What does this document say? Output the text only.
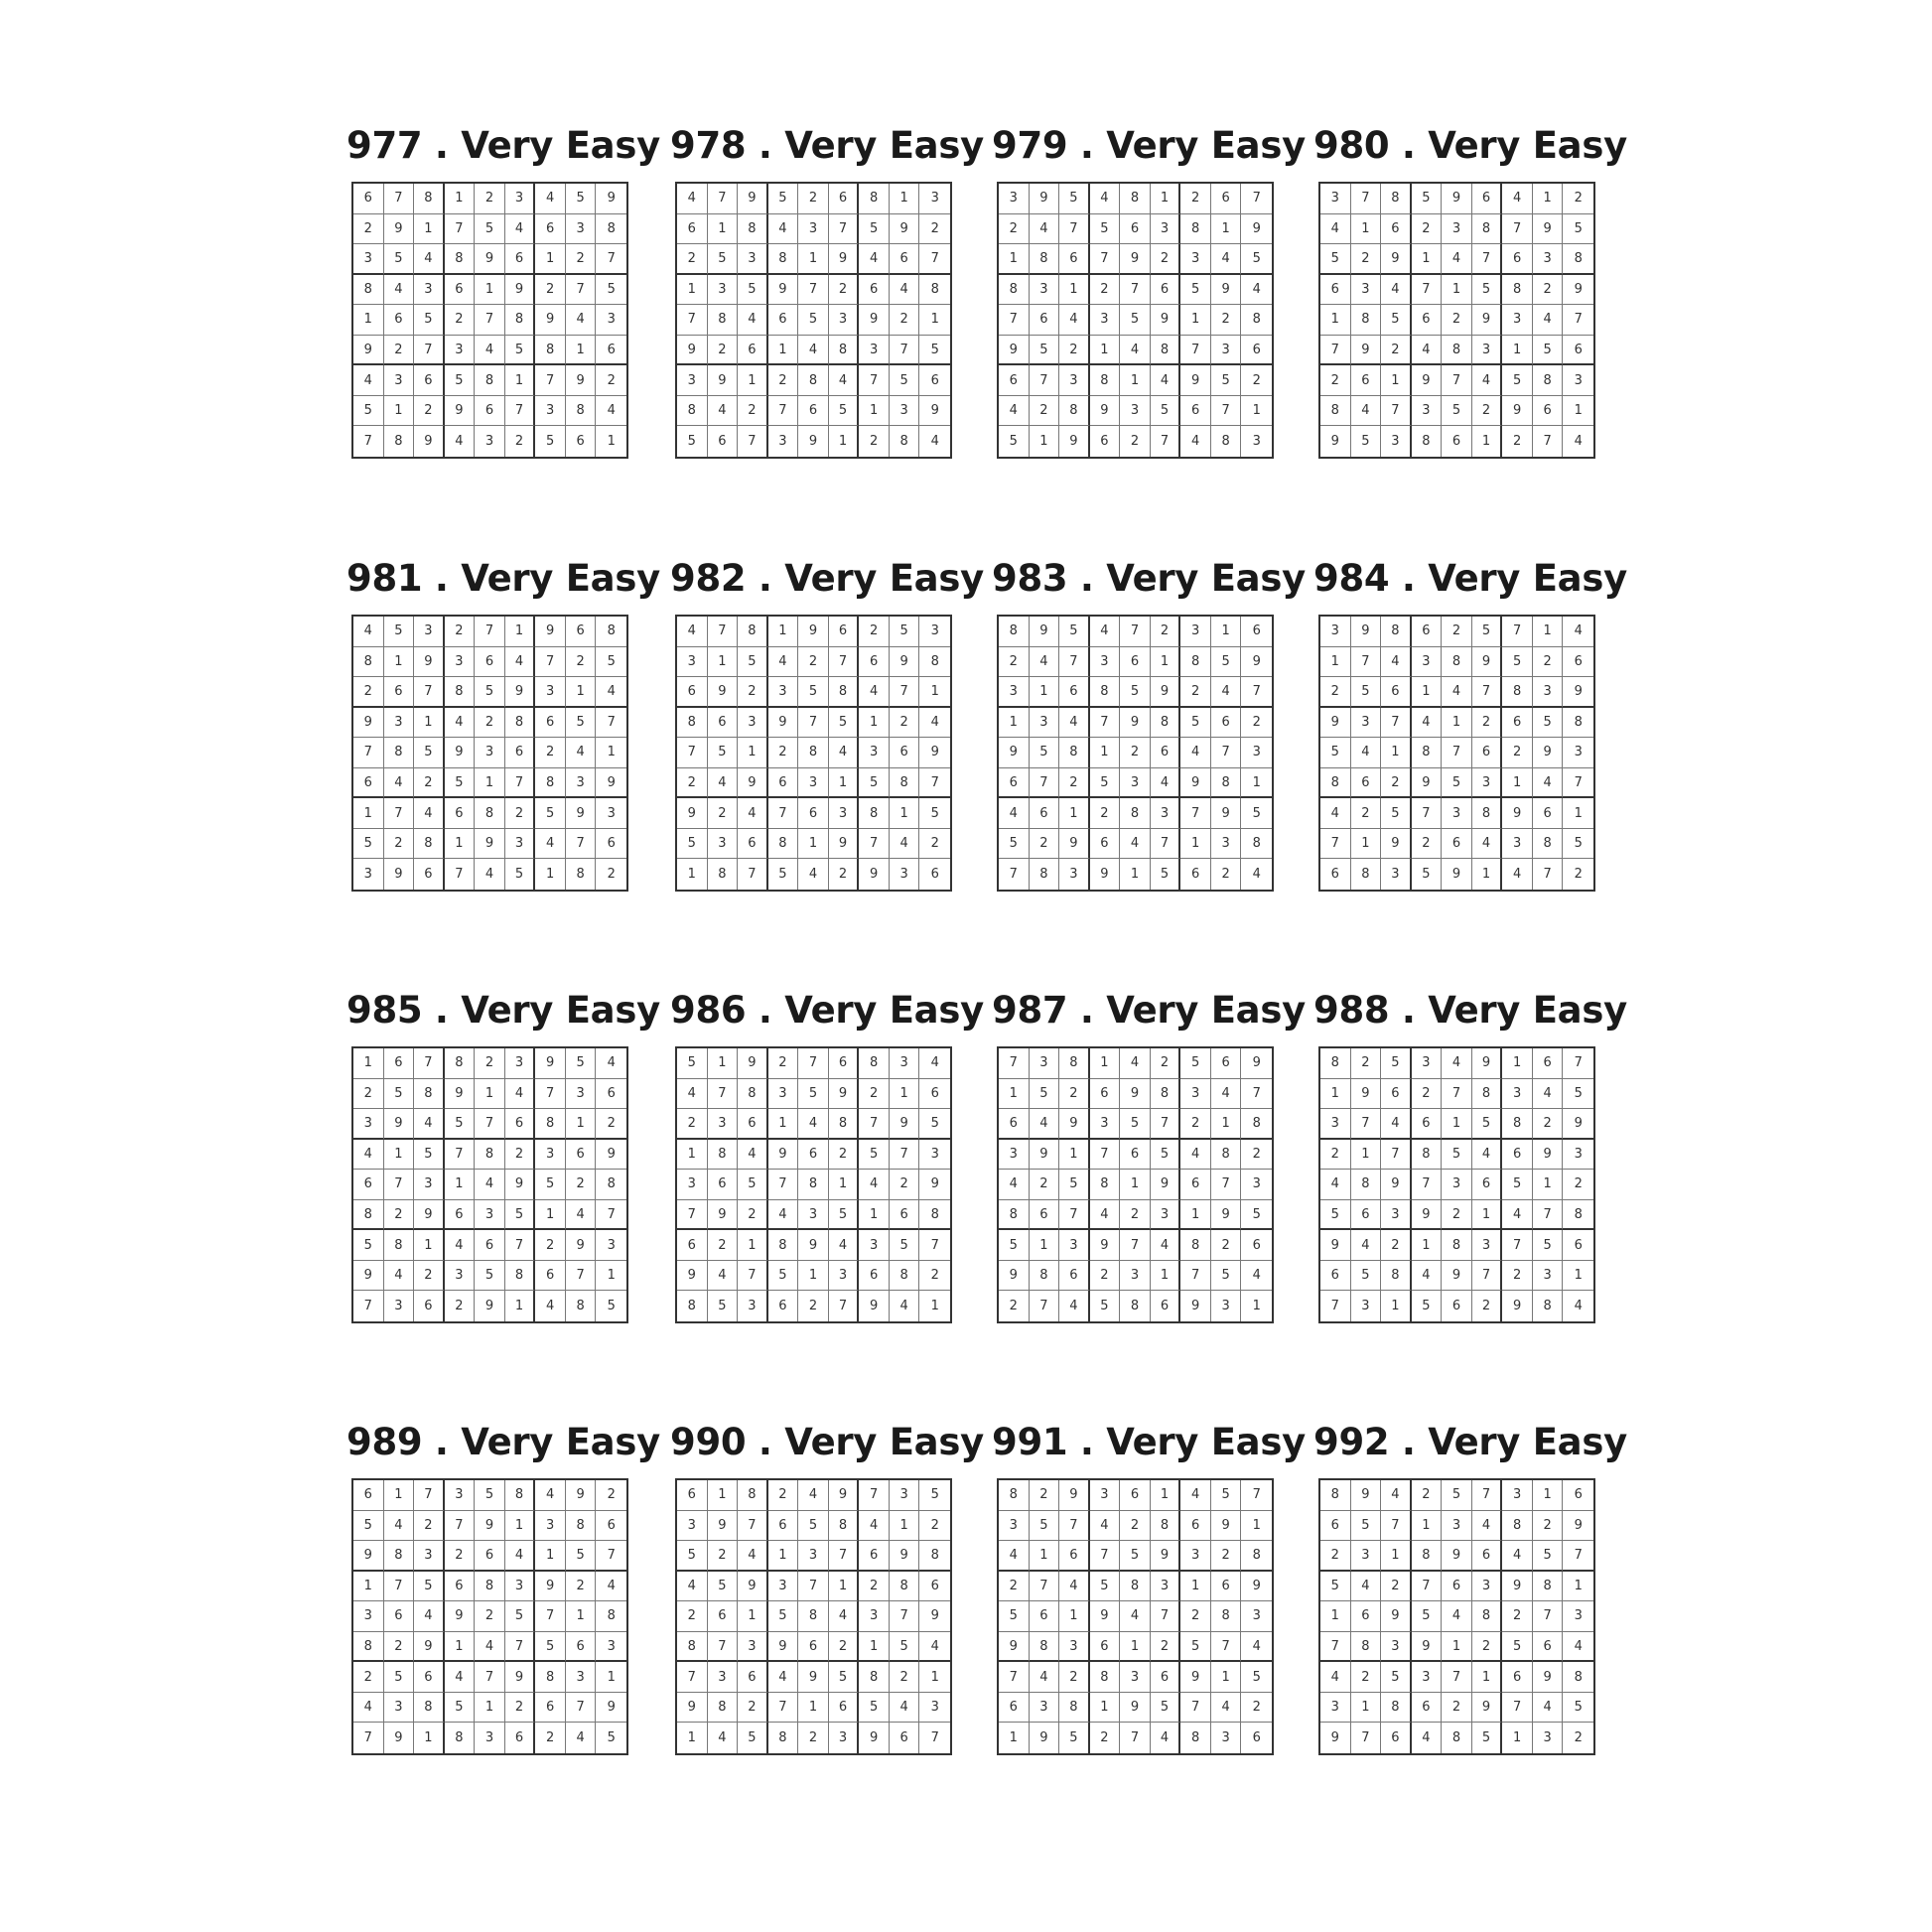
977 . Very Easy
6	7	8	1	2	3	4	5	9
2	9	1	7	5	4	6	3	8
3	5	4	8	9	6	1	2	7
8	4	3	6	1	9	2	7	5
1	6	5	2	7	8	9	4	3
9	2	7	3	4	5	8	1	6
4	3	6	5	8	1	7	9	2
5	1	2	9	6	7	3	8	4
7	8	9	4	3	2	5	6	1
978 . Very Easy
4	7	9	5	2	6	8	1	3
6	1	8	4	3	7	5	9	2
2	5	3	8	1	9	4	6	7
1	3	5	9	7	2	6	4	8
7	8	4	6	5	3	9	2	1
9	2	6	1	4	8	3	7	5
3	9	1	2	8	4	7	5	6
8	4	2	7	6	5	1	3	9
5	6	7	3	9	1	2	8	4
979 . Very Easy
3	9	5	4	8	1	2	6	7
2	4	7	5	6	3	8	1	9
1	8	6	7	9	2	3	4	5
8	3	1	2	7	6	5	9	4
7	6	4	3	5	9	1	2	8
9	5	2	1	4	8	7	3	6
6	7	3	8	1	4	9	5	2
4	2	8	9	3	5	6	7	1
5	1	9	6	2	7	4	8	3
980 . Very Easy
3	7	8	5	9	6	4	1	2
4	1	6	2	3	8	7	9	5
5	2	9	1	4	7	6	3	8
6	3	4	7	1	5	8	2	9
1	8	5	6	2	9	3	4	7
7	9	2	4	8	3	1	5	6
2	6	1	9	7	4	5	8	3
8	4	7	3	5	2	9	6	1
9	5	3	8	6	1	2	7	4
981 . Very Easy
4	5	3	2	7	1	9	6	8
8	1	9	3	6	4	7	2	5
2	6	7	8	5	9	3	1	4
9	3	1	4	2	8	6	5	7
7	8	5	9	3	6	2	4	1
6	4	2	5	1	7	8	3	9
1	7	4	6	8	2	5	9	3
5	2	8	1	9	3	4	7	6
3	9	6	7	4	5	1	8	2
982 . Very Easy
4	7	8	1	9	6	2	5	3
3	1	5	4	2	7	6	9	8
6	9	2	3	5	8	4	7	1
8	6	3	9	7	5	1	2	4
7	5	1	2	8	4	3	6	9
2	4	9	6	3	1	5	8	7
9	2	4	7	6	3	8	1	5
5	3	6	8	1	9	7	4	2
1	8	7	5	4	2	9	3	6
983 . Very Easy
8	9	5	4	7	2	3	1	6
2	4	7	3	6	1	8	5	9
3	1	6	8	5	9	2	4	7
1	3	4	7	9	8	5	6	2
9	5	8	1	2	6	4	7	3
6	7	2	5	3	4	9	8	1
4	6	1	2	8	3	7	9	5
5	2	9	6	4	7	1	3	8
7	8	3	9	1	5	6	2	4
984 . Very Easy
3	9	8	6	2	5	7	1	4
1	7	4	3	8	9	5	2	6
2	5	6	1	4	7	8	3	9
9	3	7	4	1	2	6	5	8
5	4	1	8	7	6	2	9	3
8	6	2	9	5	3	1	4	7
4	2	5	7	3	8	9	6	1
7	1	9	2	6	4	3	8	5
6	8	3	5	9	1	4	7	2
985 . Very Easy
1	6	7	8	2	3	9	5	4
2	5	8	9	1	4	7	3	6
3	9	4	5	7	6	8	1	2
4	1	5	7	8	2	3	6	9
6	7	3	1	4	9	5	2	8
8	2	9	6	3	5	1	4	7
5	8	1	4	6	7	2	9	3
9	4	2	3	5	8	6	7	1
7	3	6	2	9	1	4	8	5
986 . Very Easy
5	1	9	2	7	6	8	3	4
4	7	8	3	5	9	2	1	6
2	3	6	1	4	8	7	9	5
1	8	4	9	6	2	5	7	3
3	6	5	7	8	1	4	2	9
7	9	2	4	3	5	1	6	8
6	2	1	8	9	4	3	5	7
9	4	7	5	1	3	6	8	2
8	5	3	6	2	7	9	4	1
987 . Very Easy
7	3	8	1	4	2	5	6	9
1	5	2	6	9	8	3	4	7
6	4	9	3	5	7	2	1	8
3	9	1	7	6	5	4	8	2
4	2	5	8	1	9	6	7	3
8	6	7	4	2	3	1	9	5
5	1	3	9	7	4	8	2	6
9	8	6	2	3	1	7	5	4
2	7	4	5	8	6	9	3	1
988 . Very Easy
8	2	5	3	4	9	1	6	7
1	9	6	2	7	8	3	4	5
3	7	4	6	1	5	8	2	9
2	1	7	8	5	4	6	9	3
4	8	9	7	3	6	5	1	2
5	6	3	9	2	1	4	7	8
9	4	2	1	8	3	7	5	6
6	5	8	4	9	7	2	3	1
7	3	1	5	6	2	9	8	4
989 . Very Easy
6	1	7	3	5	8	4	9	2
5	4	2	7	9	1	3	8	6
9	8	3	2	6	4	1	5	7
1	7	5	6	8	3	9	2	4
3	6	4	9	2	5	7	1	8
8	2	9	1	4	7	5	6	3
2	5	6	4	7	9	8	3	1
4	3	8	5	1	2	6	7	9
7	9	1	8	3	6	2	4	5
990 . Very Easy
6	1	8	2	4	9	7	3	5
3	9	7	6	5	8	4	1	2
5	2	4	1	3	7	6	9	8
4	5	9	3	7	1	2	8	6
2	6	1	5	8	4	3	7	9
8	7	3	9	6	2	1	5	4
7	3	6	4	9	5	8	2	1
9	8	2	7	1	6	5	4	3
1	4	5	8	2	3	9	6	7
991 . Very Easy
8	2	9	3	6	1	4	5	7
3	5	7	4	2	8	6	9	1
4	1	6	7	5	9	3	2	8
2	7	4	5	8	3	1	6	9
5	6	1	9	4	7	2	8	3
9	8	3	6	1	2	5	7	4
7	4	2	8	3	6	9	1	5
6	3	8	1	9	5	7	4	2
1	9	5	2	7	4	8	3	6
992 . Very Easy
8	9	4	2	5	7	3	1	6
6	5	7	1	3	4	8	2	9
2	3	1	8	9	6	4	5	7
5	4	2	7	6	3	9	8	1
1	6	9	5	4	8	2	7	3
7	8	3	9	1	2	5	6	4
4	2	5	3	7	1	6	9	8
3	1	8	6	2	9	7	4	5
9	7	6	4	8	5	1	3	2
